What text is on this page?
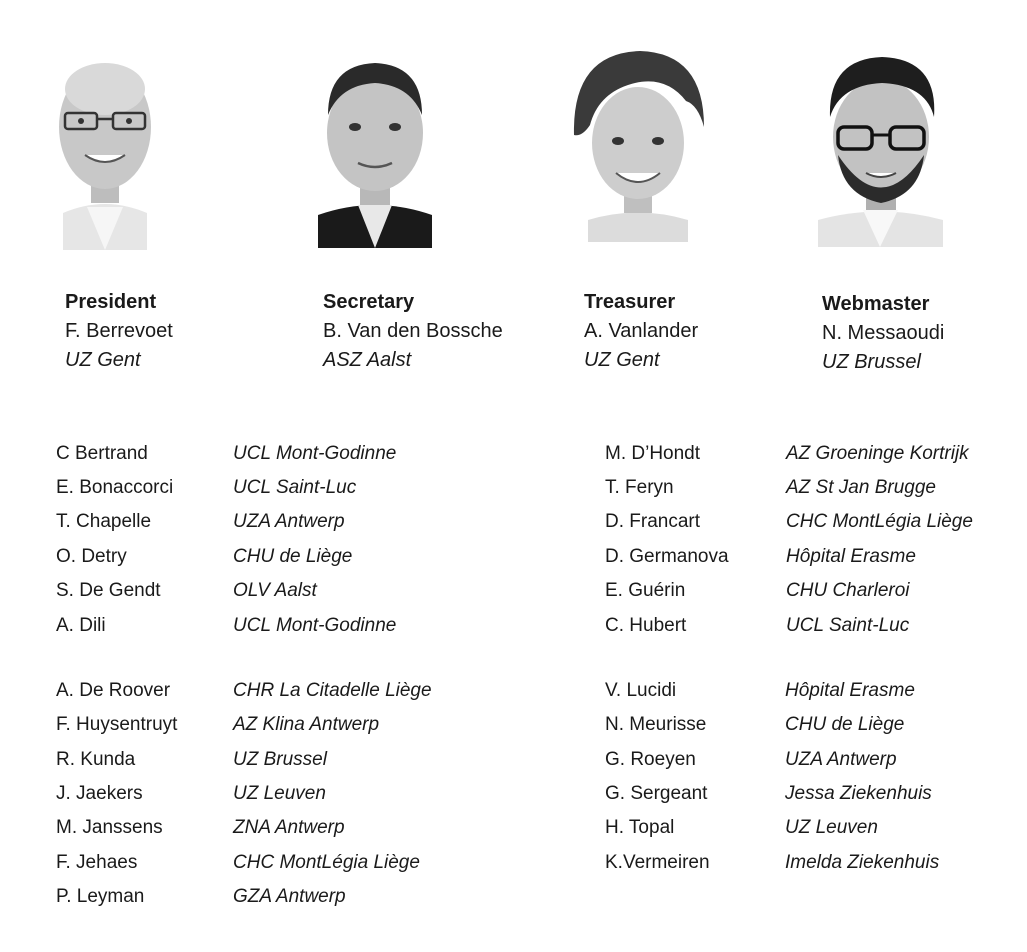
President
F. Berrevoet
UZ Gent
Secretary
B. Van den Bossche
ASZ Aalst
Treasurer
A. Vanlander
UZ Gent
Webmaster
N. Messaoudi
UZ Brussel
C Bertrand	UCL Mont-Godinne
E. Bonaccorci	UCL Saint-Luc
T. Chapelle	UZA Antwerp
O. Detry	CHU de Liège
S. De Gendt	OLV Aalst
A. Dili	UCL Mont-Godinne
A. De Roover	CHR La Citadelle Liège
F. Huysentruyt	AZ Klina Antwerp
R. Kunda	UZ Brussel
J. Jaekers	UZ Leuven
M. Janssens	ZNA Antwerp
F. Jehaes	CHC MontLégia Liège
P. Leyman	GZA Antwerp
M. D’Hondt	AZ Groeninge Kortrijk
T. Feryn	AZ St Jan Brugge
D. Francart	CHC MontLégia Liège
D. Germanova	Hôpital Erasme
E. Guérin	CHU Charleroi
C. Hubert	UCL Saint-Luc
V. Lucidi	Hôpital Erasme
N. Meurisse	CHU de Liège
G. Roeyen	UZA Antwerp
G. Sergeant	Jessa Ziekenhuis
H. Topal	UZ Leuven
K.Vermeiren	Imelda Ziekenhuis
